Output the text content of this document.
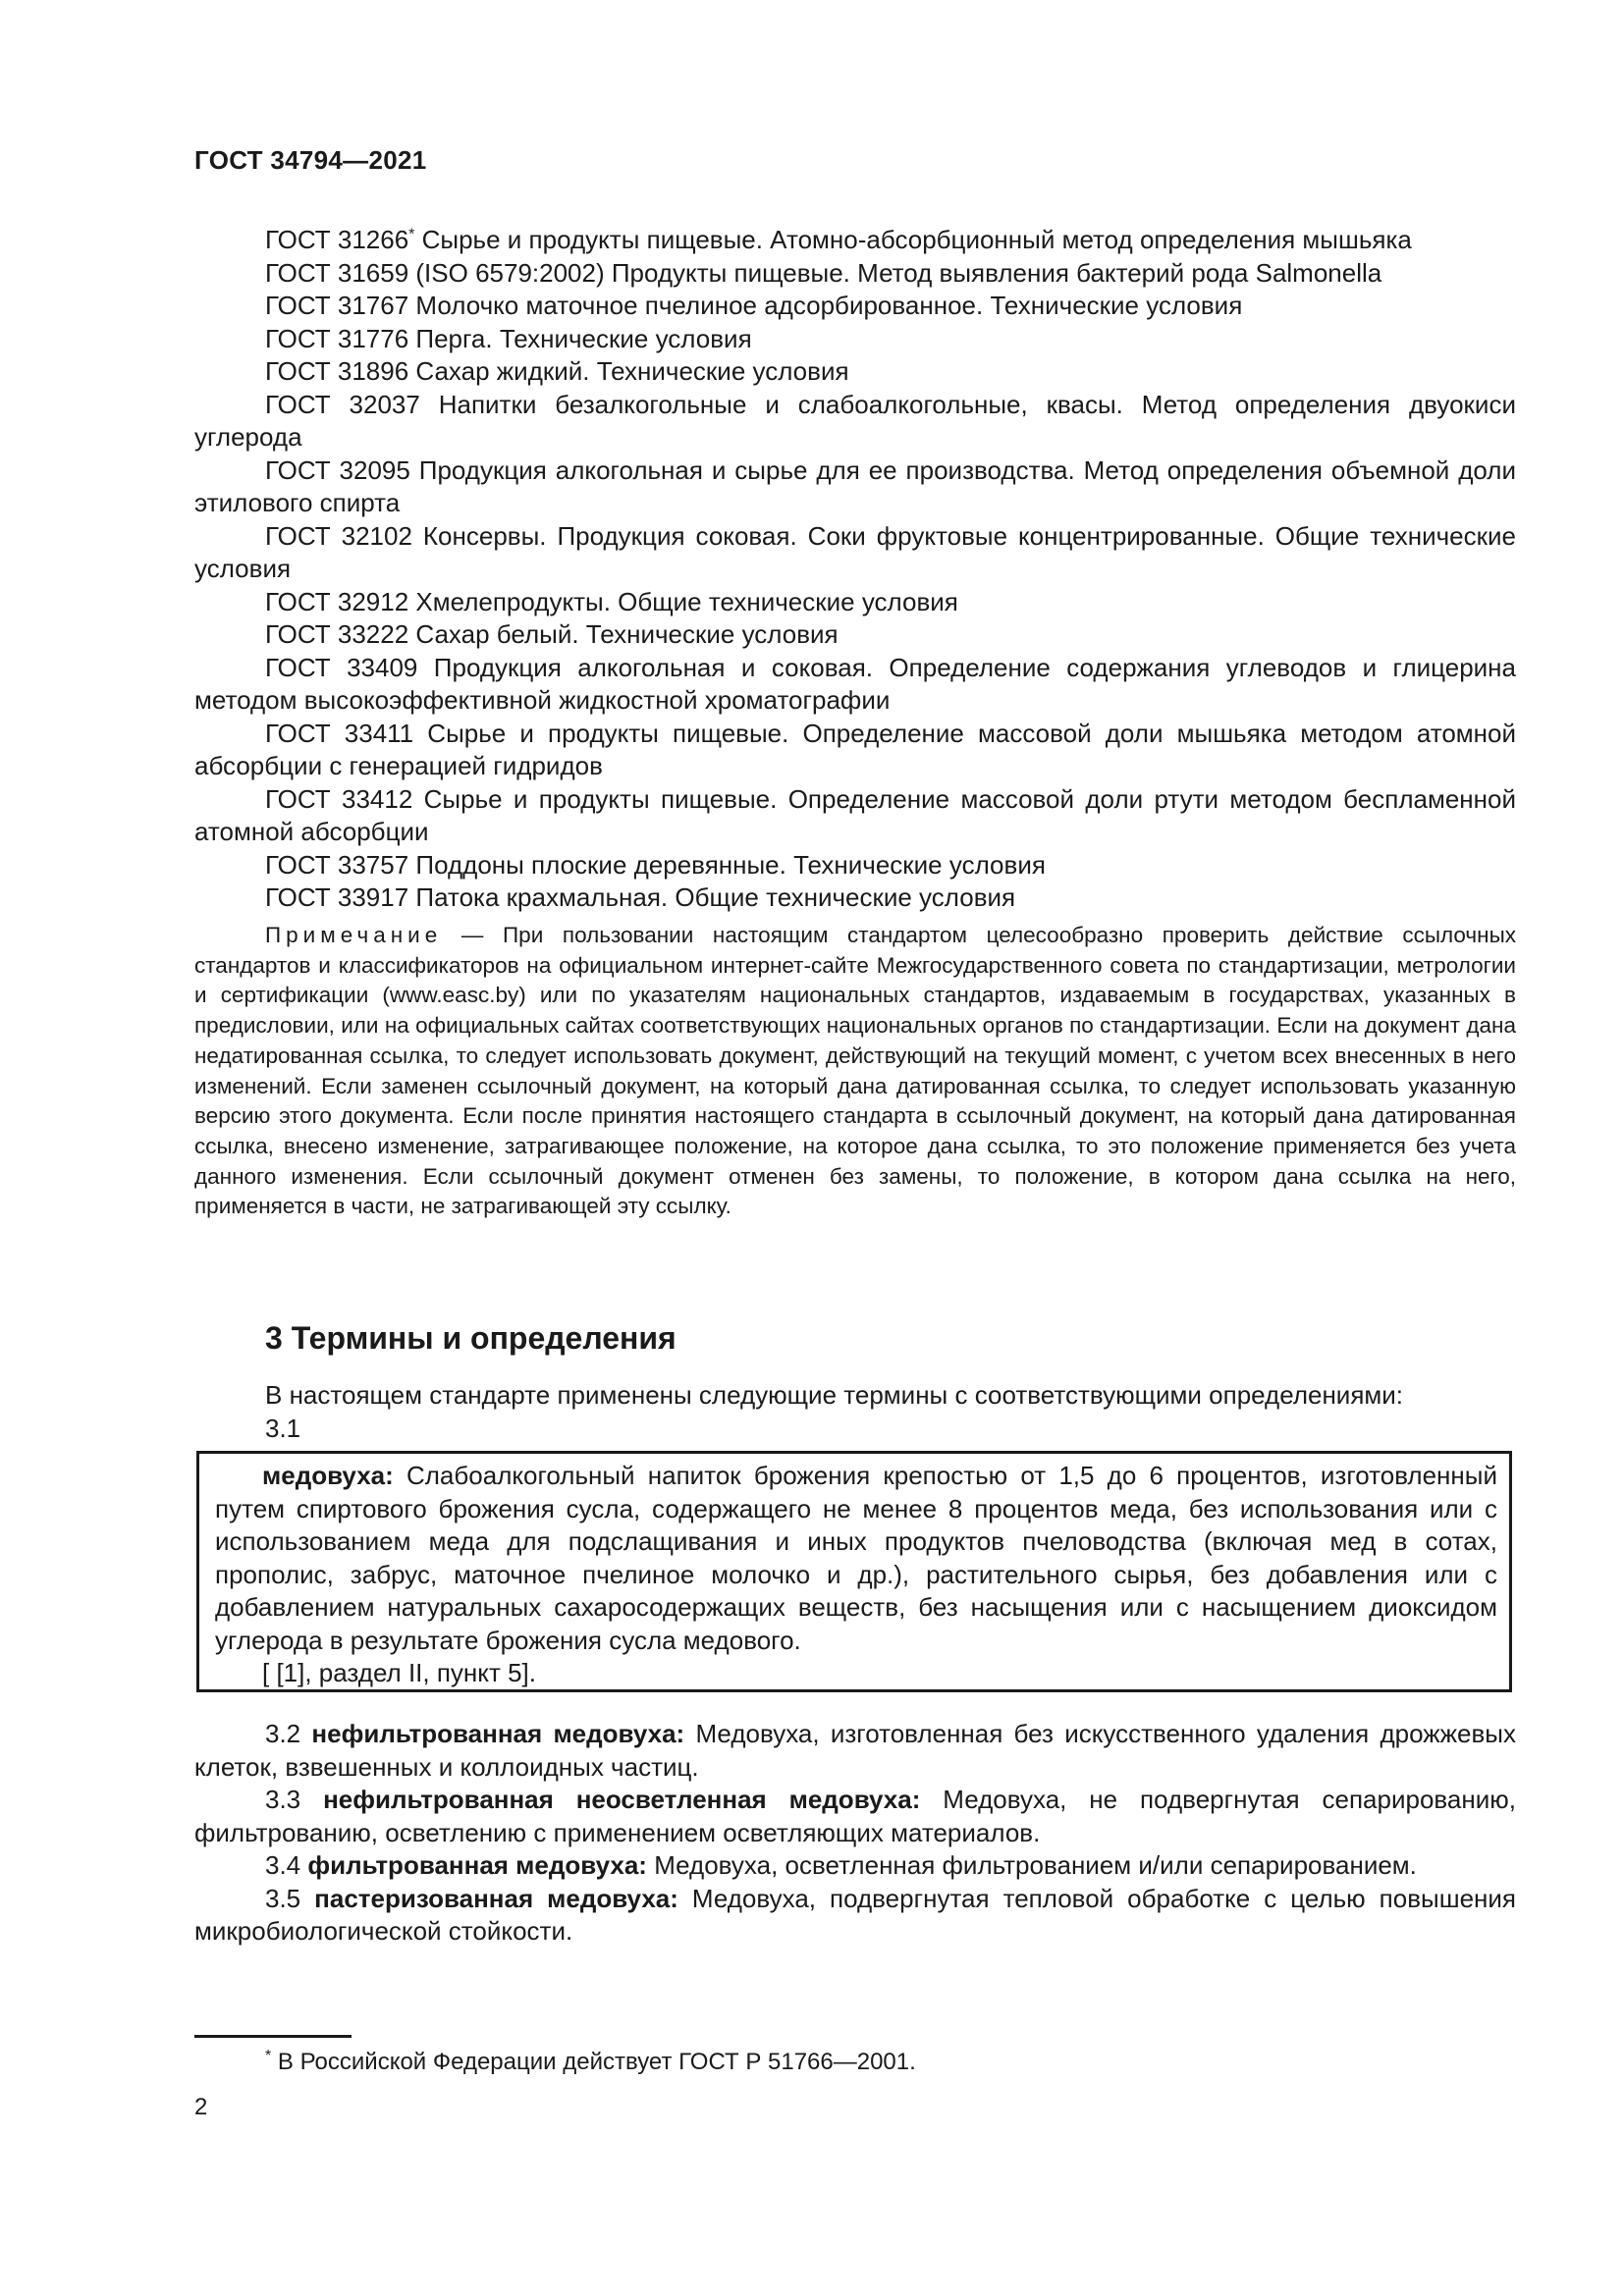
ГОСТ 34794—2021

ГОСТ 31266* Сырье и продукты пищевые. Атомно-абсорбционный метод определения мышьяка

ГОСТ 31659 (ISO 6579:2002) Продукты пищевые. Метод выявления бактерий рода Salmonella

ГОСТ 31767 Молочко маточное пчелиное адсорбированное. Технические условия

ГОСТ 31776 Перга. Технические условия

ГОСТ 31896 Сахар жидкий. Технические условия

ГОСТ 32037 Напитки безалкогольные и слабоалкогольные, квасы. Метод определения двуокиси углерода

ГОСТ 32095 Продукция алкогольная и сырье для ее производства. Метод определения объемной доли этилового спирта

ГОСТ 32102 Консервы. Продукция соковая. Соки фруктовые концентрированные. Общие технические условия

ГОСТ 32912 Хмелепродукты. Общие технические условия

ГОСТ 33222 Сахар белый. Технические условия

ГОСТ 33409 Продукция алкогольная и соковая. Определение содержания углеводов и глицерина методом высокоэффективной жидкостной хроматографии

ГОСТ 33411 Сырье и продукты пищевые. Определение массовой доли мышьяка методом атомной абсорбции с генерацией гидридов

ГОСТ 33412 Сырье и продукты пищевые. Определение массовой доли ртути методом беспламенной атомной абсорбции

ГОСТ 33757 Поддоны плоские деревянные. Технические условия

ГОСТ 33917 Патока крахмальная. Общие технические условия

Примечание — При пользовании настоящим стандартом целесообразно проверить действие ссылочных стандартов и классификаторов на официальном интернет-сайте Межгосударственного совета по стандартизации, метрологии и сертификации (www.easc.by) или по указателям национальных стандартов, издаваемым в государствах, указанных в предисловии, или на официальных сайтах соответствующих национальных органов по стандартизации. Если на документ дана недатированная ссылка, то следует использовать документ, действующий на текущий момент, с учетом всех внесенных в него изменений. Если заменен ссылочный документ, на который дана датированная ссылка, то следует использовать указанную версию этого документа. Если после принятия настоящего стандарта в ссылочный документ, на который дана датированная ссылка, внесено изменение, затрагивающее положение, на которое дана ссылка, то это положение применяется без учета данного изменения. Если ссылочный документ отменен без замены, то положение, в котором дана ссылка на него, применяется в части, не затрагивающей эту ссылку.
3 Термины и определения

В настоящем стандарте применены следующие термины с соответствующими определениями:

3.1

медовуха: Слабоалкогольный напиток брожения крепостью от 1,5 до 6 процентов, изготовленный путем спиртового брожения сусла, содержащего не менее 8 процентов меда, без использования или с использованием меда для подслащивания и иных продуктов пчеловодства (включая мед в сотах, прополис, забрус, маточное пчелиное молочко и др.), растительного сырья, без добавления или с добавлением натуральных сахаросодержащих веществ, без насыщения или с насыщением диоксидом углерода в результате брожения сусла медового.

[ [1], раздел II, пункт 5].

3.2 нефильтрованная медовуха: Медовуха, изготовленная без искусственного удаления дрожжевых клеток, взвешенных и коллоидных частиц.

3.3 нефильтрованная неосветленная медовуха: Медовуха, не подвергнутая сепарированию, фильтрованию, осветлению с применением осветляющих материалов.

3.4 фильтрованная медовуха: Медовуха, осветленная фильтрованием и/или сепарированием.

3.5 пастеризованная медовуха: Медовуха, подвергнутая тепловой обработке с целью повышения микробиологической стойкости.

* В Российской Федерации действует ГОСТ Р 51766—2001.
2
